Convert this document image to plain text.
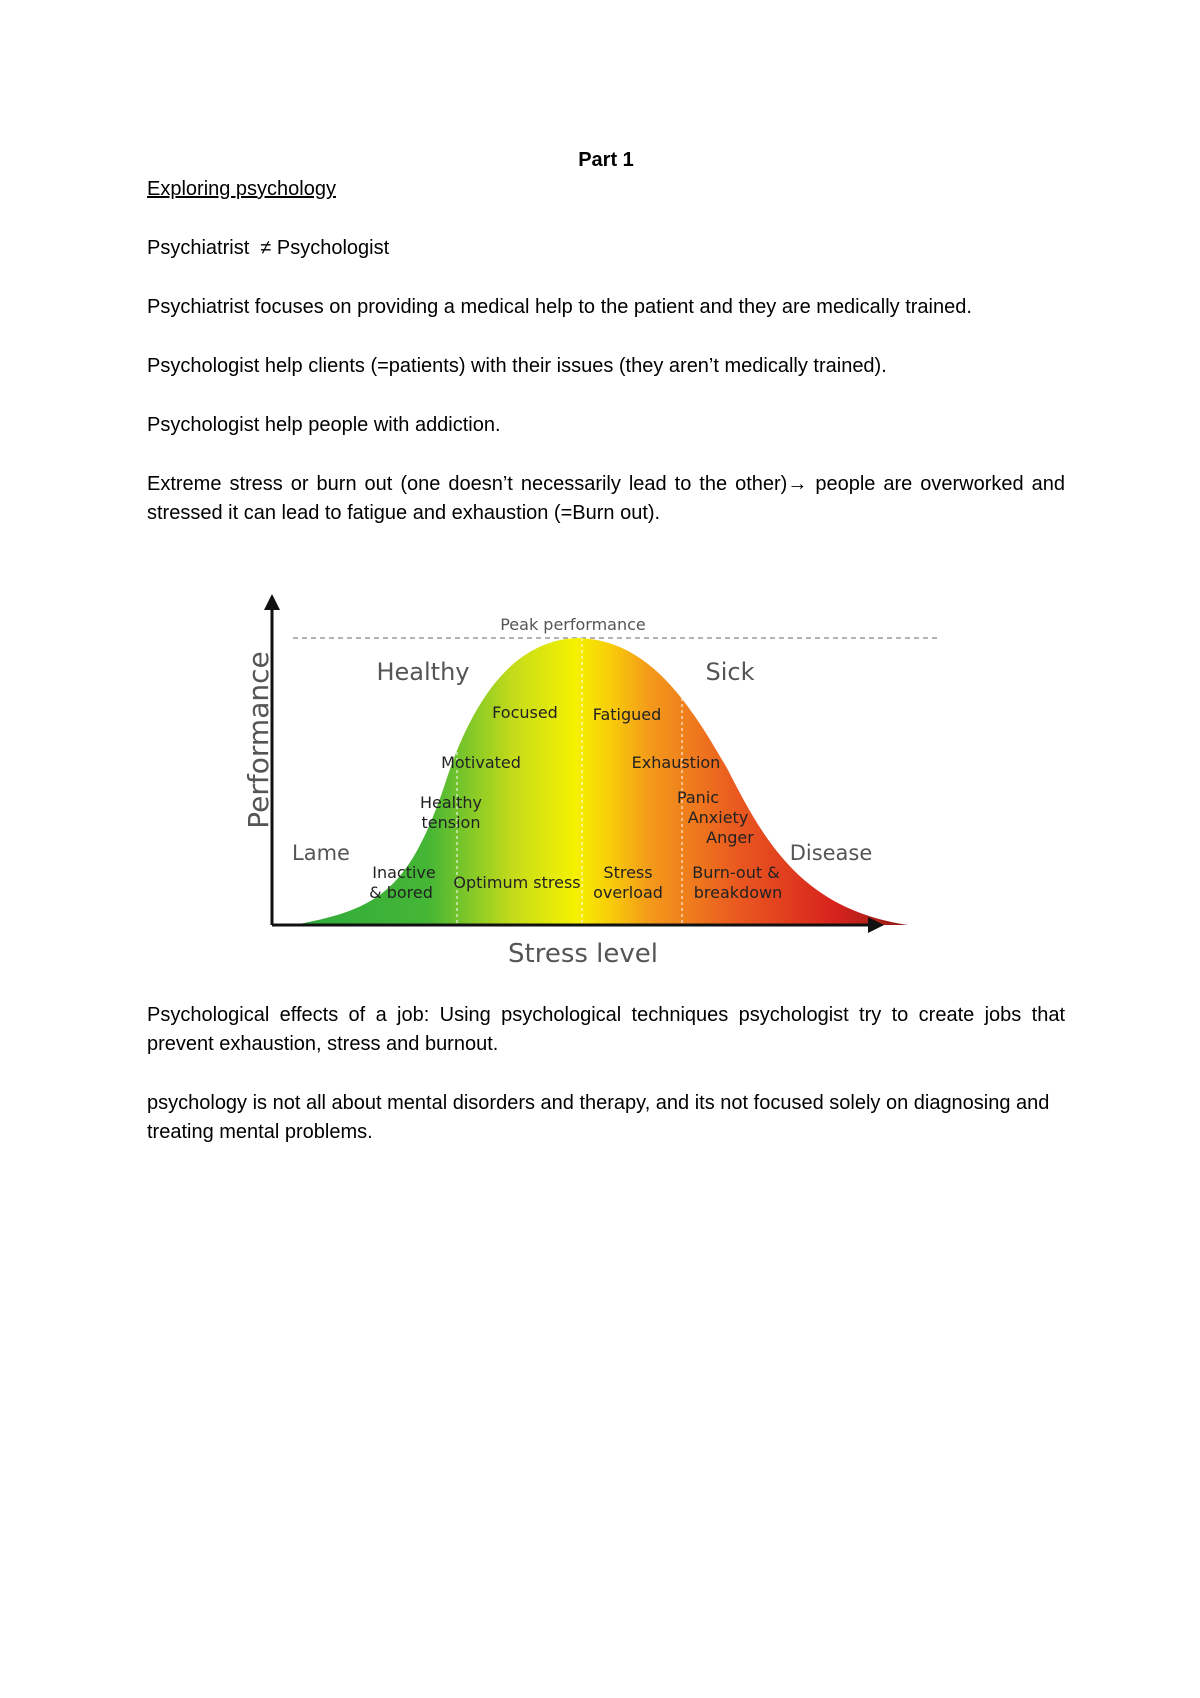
Part 1

Exploring psychology

Psychiatrist  ≠ Psychologist

Psychiatrist focuses on providing a medical help to the patient and they are medically trained.

Psychologist help clients (=patients) with their issues (they aren’t medically trained).

Psychologist help people with addiction.

Extreme stress or burn out (one doesn’t necessarily lead to the other)→ people are overworked and stressed it can lead to fatigue and exhaustion (=Burn out).

Performance
Stress level
Peak performance
Healthy	Sick
Lame	Disease
Focused Fatigued
Motivated	Exhaustion
Healthy
tension
Panic
Anxiety
Anger
Inactive
& bored
Optimum stress
Stress
overload
Burn-out &
breakdown

Psychological effects of a job: Using psychological techniques psychologist try to create jobs that prevent exhaustion, stress and burnout.

psychology is not all about mental disorders and therapy, and its not focused solely on diagnosing and treating mental problems.
